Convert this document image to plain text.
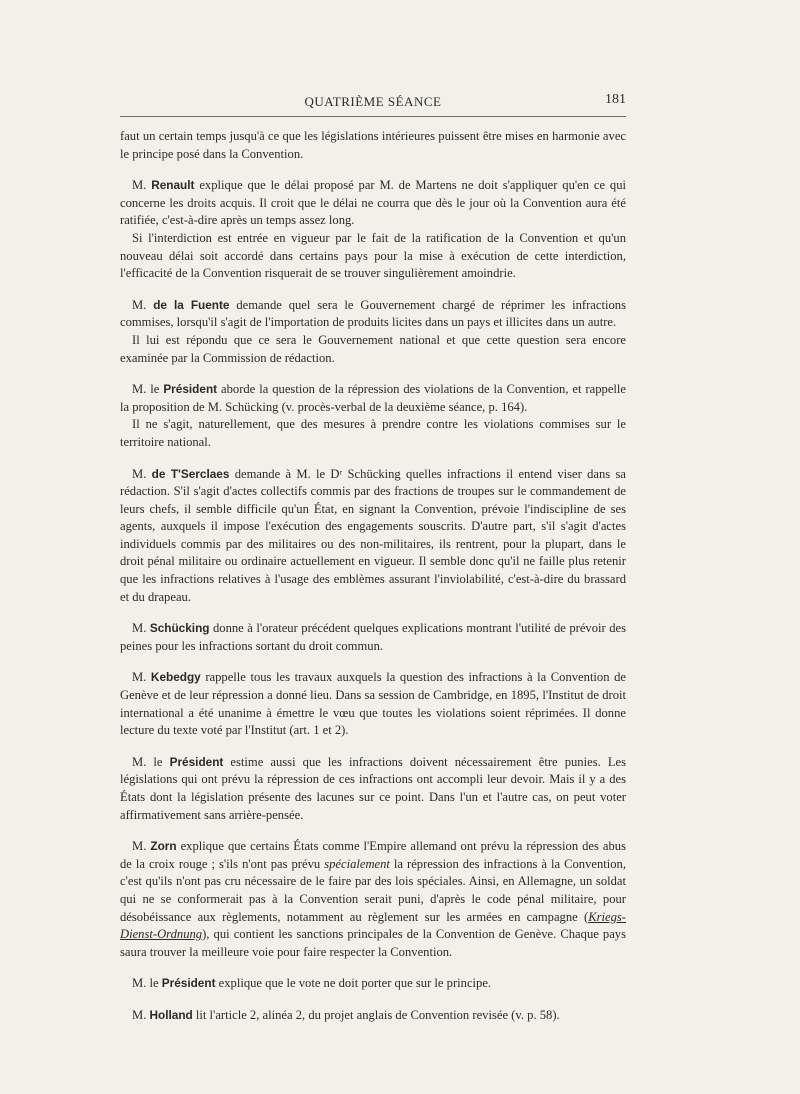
QUATRIÈME SÉANCE	181

faut un certain temps jusqu'à ce que les législations intérieures puissent être mises en harmonie avec le principe posé dans la Convention.

M. Renault explique que le délai proposé par M. de Martens ne doit s'appliquer qu'en ce qui concerne les droits acquis. Il croit que le délai ne courra que dès le jour où la Convention aura été ratifiée, c'est-à-dire après un temps assez long.

Si l'interdiction est entrée en vigueur par le fait de la ratification de la Convention et qu'un nouveau délai soit accordé dans certains pays pour la mise à exécution de cette interdiction, l'efficacité de la Convention risquerait de se trouver singulièrement amoindrie.

M. de la Fuente demande quel sera le Gouvernement chargé de réprimer les infractions commises, lorsqu'il s'agit de l'importation de produits licites dans un pays et illicites dans un autre.

Il lui est répondu que ce sera le Gouvernement national et que cette question sera encore examinée par la Commission de rédaction.

M. le Président aborde la question de la répression des violations de la Convention, et rappelle la proposition de M. Schücking (v. procès-verbal de la deuxième séance, p. 164).

Il ne s'agit, naturellement, que des mesures à prendre contre les violations commises sur le territoire national.

M. de T'Serclaes demande à M. le Dʳ Schücking quelles infractions il entend viser dans sa rédaction. S'il s'agit d'actes collectifs commis par des fractions de troupes sur le commandement de leurs chefs, il semble difficile qu'un État, en signant la Convention, prévoie l'indiscipline de ses agents, auxquels il impose l'exécution des engagements souscrits. D'autre part, s'il s'agit d'actes individuels commis par des militaires ou des non-militaires, ils rentrent, pour la plupart, dans le droit pénal militaire ou ordinaire actuellement en vigueur. Il semble donc qu'il ne faille plus retenir que les infractions relatives à l'usage des emblèmes assurant l'inviolabilité, c'est-à-dire du brassard et du drapeau.

M. Schücking donne à l'orateur précédent quelques explications montrant l'utilité de prévoir des peines pour les infractions sortant du droit commun.

M. Kebedgy rappelle tous les travaux auxquels la question des infractions à la Convention de Genève et de leur répression a donné lieu. Dans sa session de Cambridge, en 1895, l'Institut de droit international a été unanime à émettre le vœu que toutes les violations soient réprimées. Il donne lecture du texte voté par l'Institut (art. 1 et 2).

M. le Président estime aussi que les infractions doivent nécessairement être punies. Les législations qui ont prévu la répression de ces infractions ont accompli leur devoir. Mais il y a des États dont la législation présente des lacunes sur ce point. Dans l'un et l'autre cas, on peut voter affirmativement sans arrière-pensée.

M. Zorn explique que certains États comme l'Empire allemand ont prévu la répression des abus de la croix rouge ; s'ils n'ont pas prévu spécialement la répression des infractions à la Convention, c'est qu'ils n'ont pas cru nécessaire de le faire par des lois spéciales. Ainsi, en Allemagne, un soldat qui ne se conformerait pas à la Convention serait puni, d'après le code pénal militaire, pour désobéissance aux règlements, notamment au règlement sur les armées en campagne (Kriegs-Dienst-Ordnung), qui contient les sanctions principales de la Convention de Genève. Chaque pays saura trouver la meilleure voie pour faire respecter la Convention.

M. le Président explique que le vote ne doit porter que sur le principe.

M. Holland lit l'article 2, alinéa 2, du projet anglais de Convention revisée (v. p. 58).
